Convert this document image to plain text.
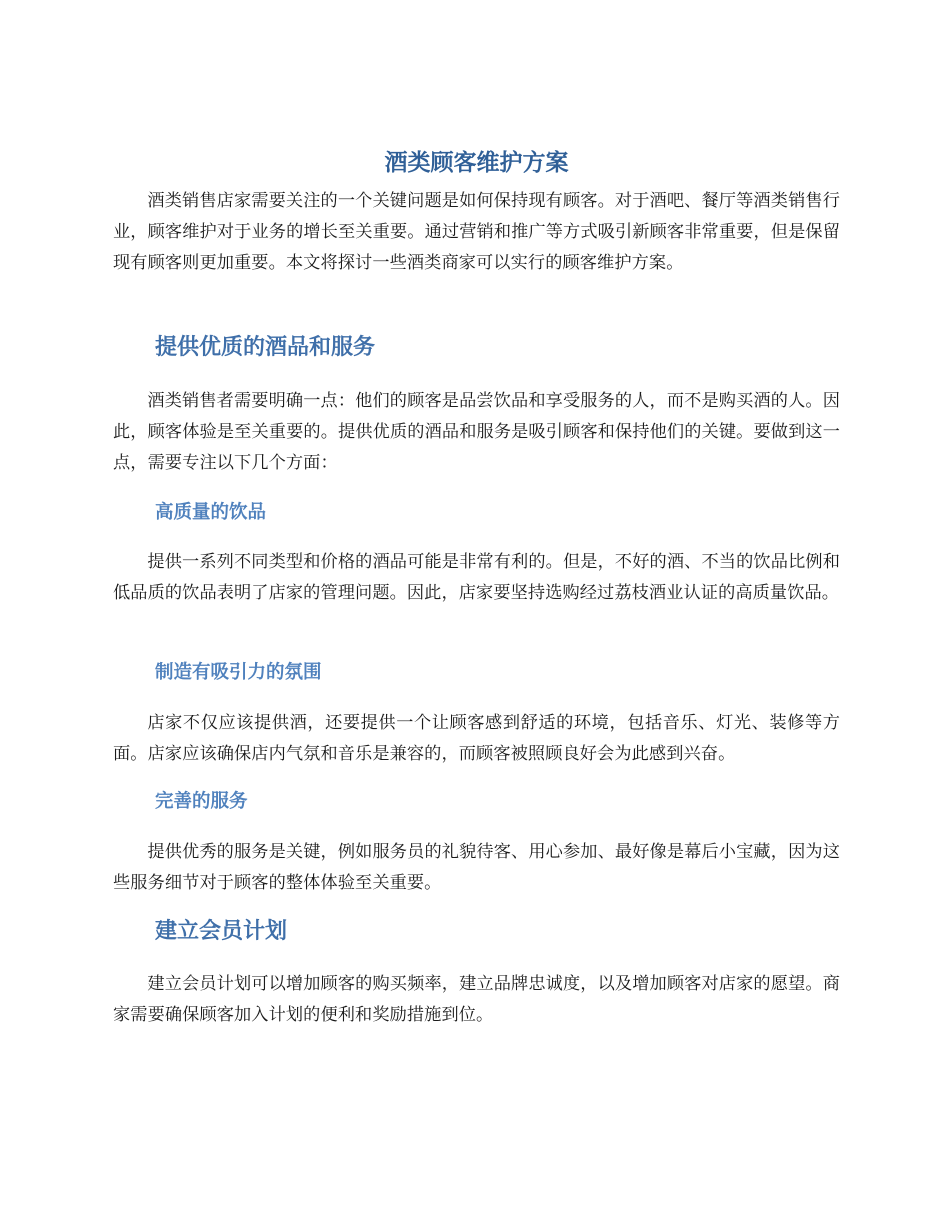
酒类顾客维护方案

酒类销售店家需要关注的一个关键问题是如何保持现有顾客。对于酒吧、餐厅等酒类销售行业，顾客维护对于业务的增长至关重要。通过营销和推广等方式吸引新顾客非常重要，但是保留现有顾客则更加重要。本文将探讨一些酒类商家可以实行的顾客维护方案。

提供优质的酒品和服务

酒类销售者需要明确一点：他们的顾客是品尝饮品和享受服务的人，而不是购买酒的人。因此，顾客体验是至关重要的。提供优质的酒品和服务是吸引顾客和保持他们的关键。要做到这一点，需要专注以下几个方面：

高质量的饮品

提供一系列不同类型和价格的酒品可能是非常有利的。但是，不好的酒、不当的饮品比例和低品质的饮品表明了店家的管理问题。因此，店家要坚持选购经过荔枝酒业认证的高质量饮品。

制造有吸引力的氛围

店家不仅应该提供酒，还要提供一个让顾客感到舒适的环境，包括音乐、灯光、装修等方面。店家应该确保店内气氛和音乐是兼容的，而顾客被照顾良好会为此感到兴奋。

完善的服务

提供优秀的服务是关键，例如服务员的礼貌待客、用心参加、最好像是幕后小宝藏，因为这些服务细节对于顾客的整体体验至关重要。

建立会员计划

建立会员计划可以增加顾客的购买频率，建立品牌忠诚度，以及增加顾客对店家的愿望。商家需要确保顾客加入计划的便利和奖励措施到位。
